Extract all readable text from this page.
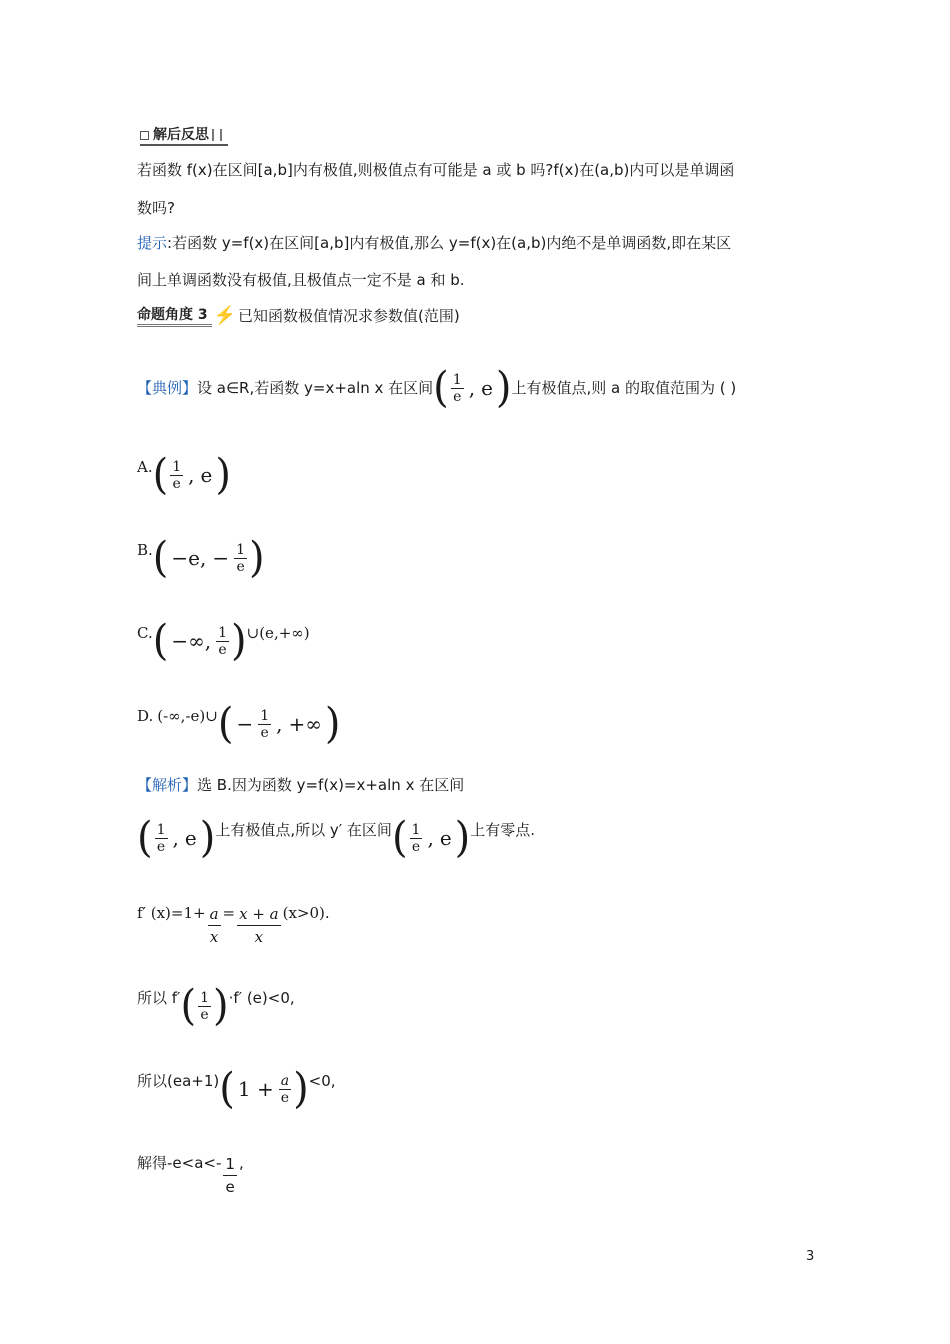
解后反思
若函数 f(x)在区间[a,b]内有极值,则极值点有可能是 a 或 b 吗?f(x)在(a,b)内可以是单调函
数吗?
提示:若函数 y=f(x)在区间[a,b]内有极值,那么 y=f(x)在(a,b)内绝不是单调函数,即在某区
间上单调函数没有极值,且极值点一定不是 a 和 b.
命题角度 3 ⚡ 已知函数极值情况求参数值(范围)
【典例】 设 a∈R,若函数 y=x+aln x 在区间 ( $\frac{1}{e}$ , e ) 上有极值点,则 a 的取值范围为 ( )
A. ( $\frac{1}{e}$ , e )
B. ( −e, − $\frac{1}{e}$ )
C. ( −∞, $\frac{1}{e}$ ) ∪(e,+∞)
D. (-∞,-e)∪ ( − $\frac{1}{e}$ , +∞ )
【解析】选 B.因为函数 y=f(x)=x+aln x 在区间
( $\frac{1}{e}$ , e ) 上有极值点,所以 y′ 在区间 ( $\frac{1}{e}$ , e ) 上有零点.
f′ $(x)=1+ \frac{a}{x} = \frac{x + a}{x} (x>0)$.
所以 f′ ( $\frac{1}{e}$ ) ·f′ (e)<0,
所以(ea+1) ( $1 + \frac{a}{e}$ ) <0,
解得$-e<a<- \frac{1}{e}$ ,
3
